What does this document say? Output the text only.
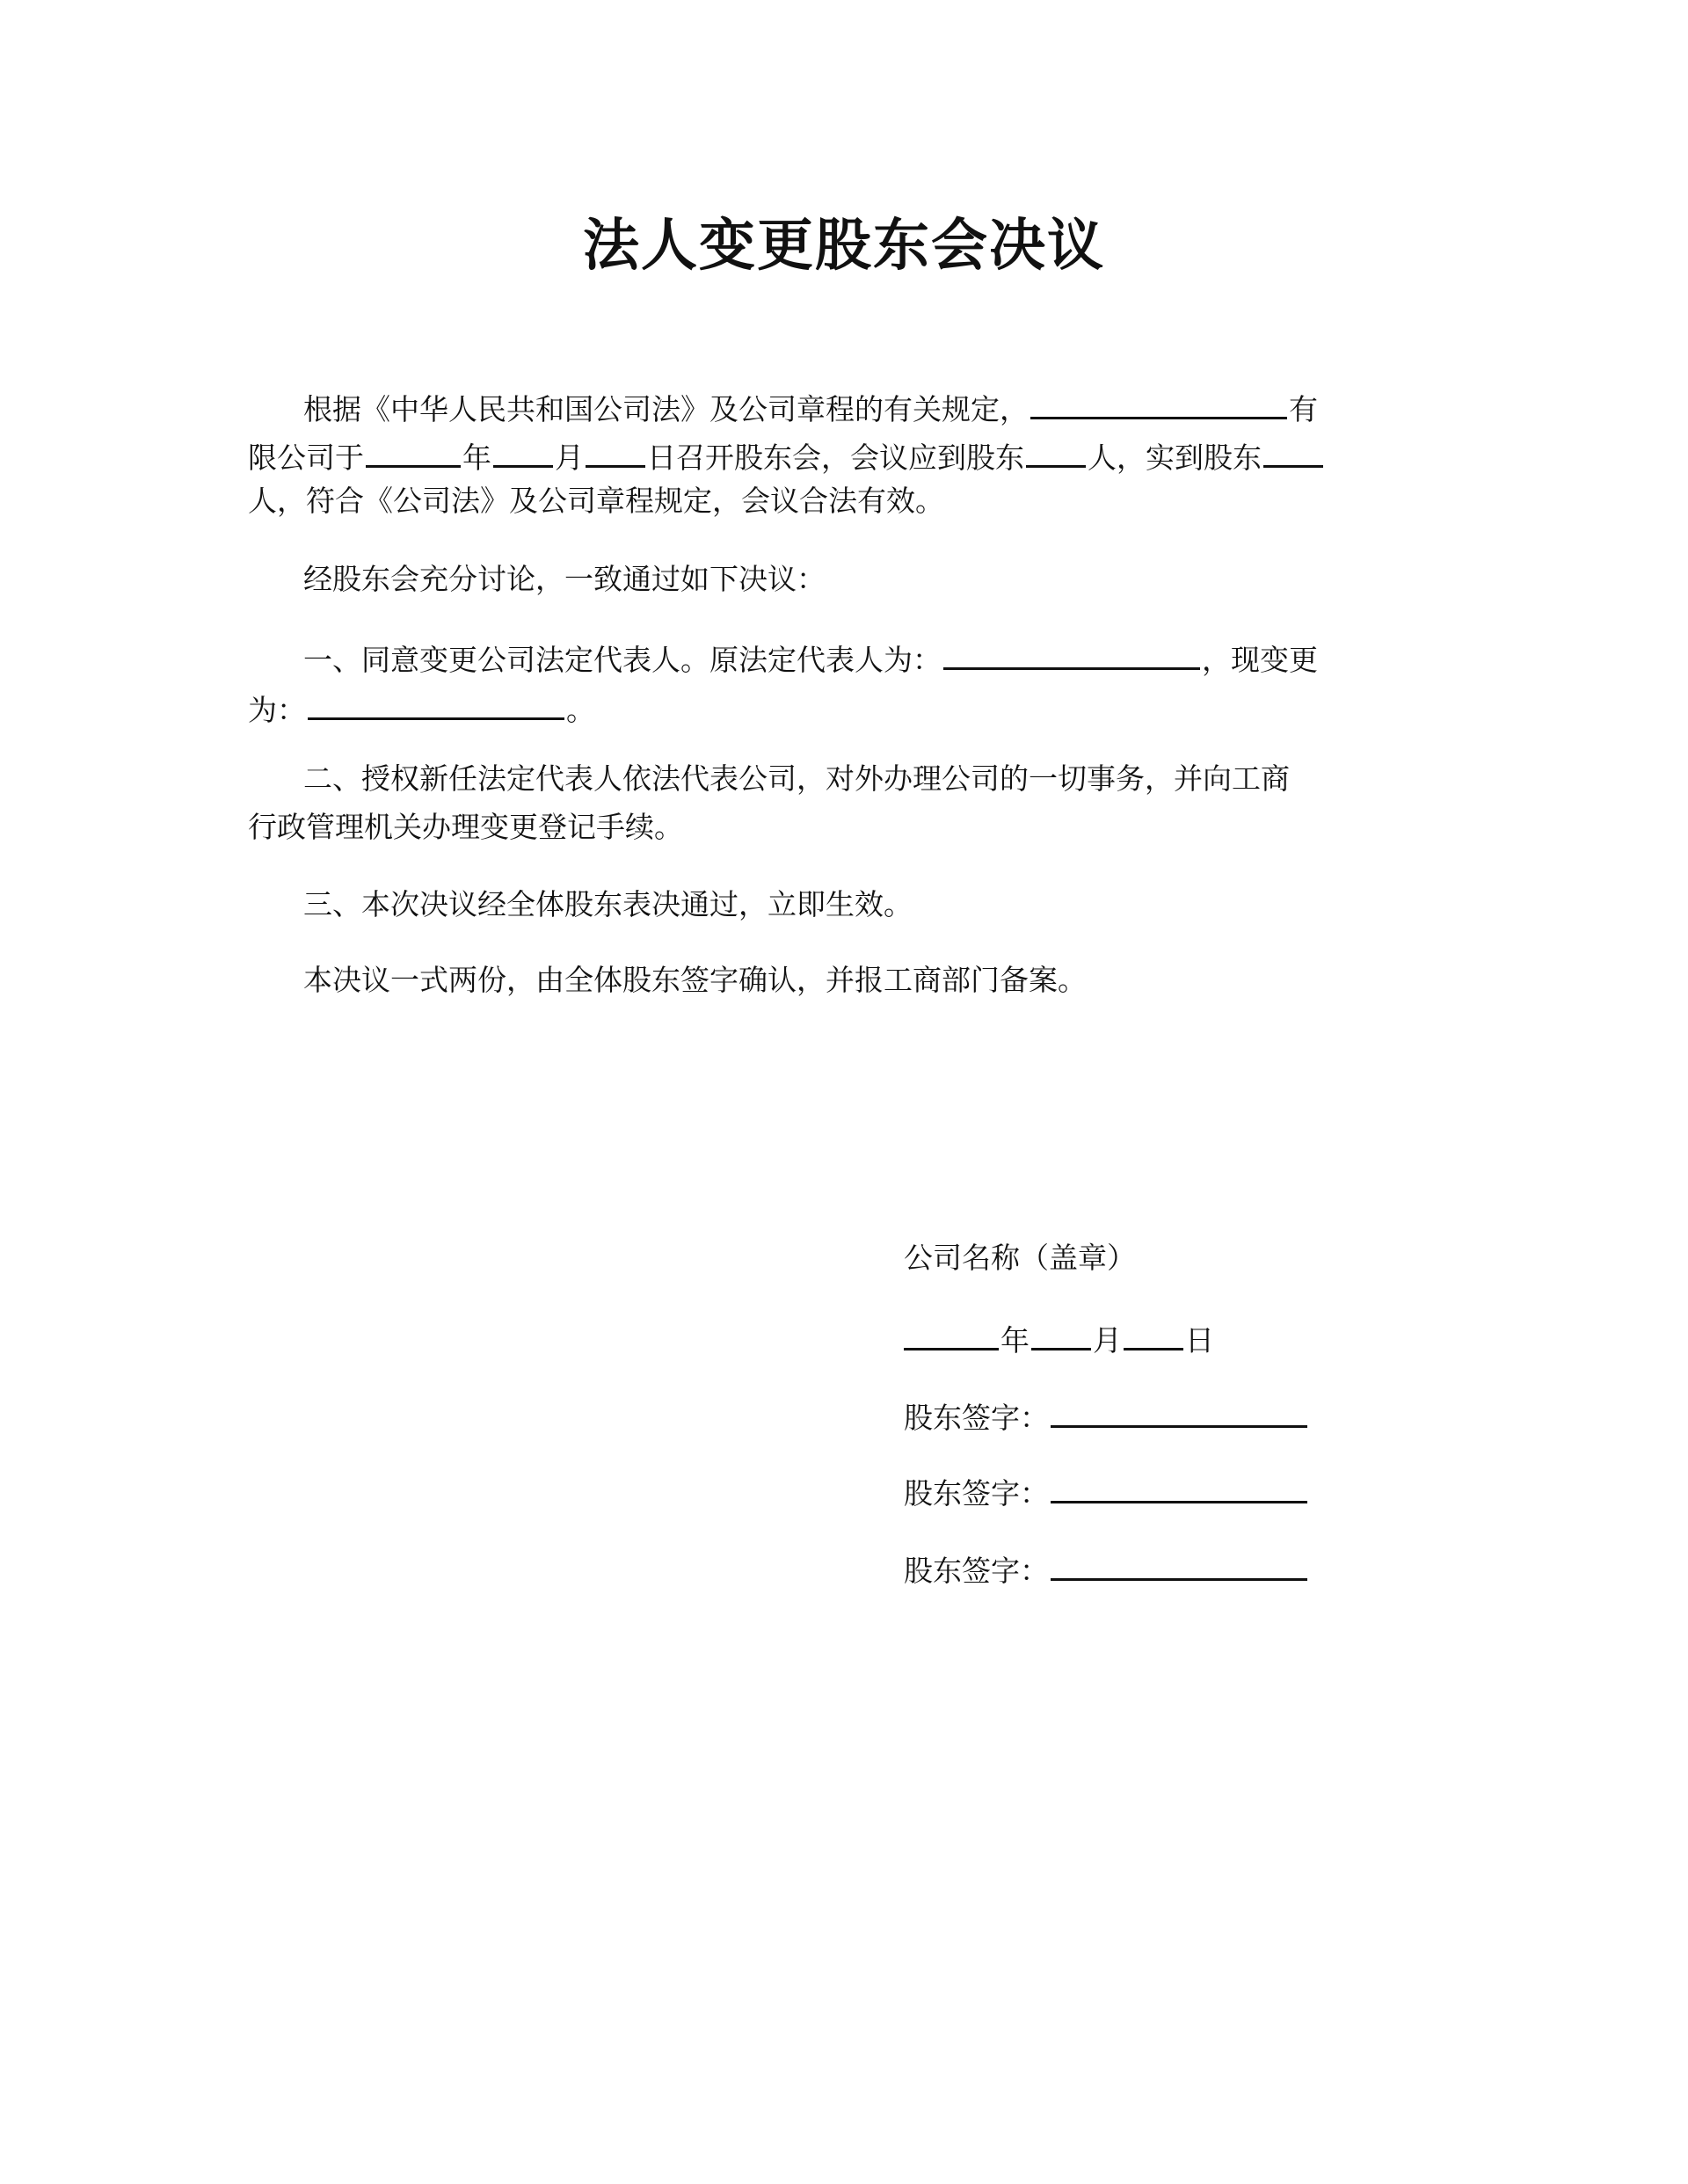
法人变更股东会决议
根据《中华人民共和国公司法》及公司章程的有关规定，	有
限公司于	年 月 日召开股东会，会议应到股东 人，实到股东
人，符合《公司法》及公司章程规定，会议合法有效。
经股东会充分讨论，一致通过如下决议：
一、同意变更公司法定代表人。原法定代表人为：	，现变更
为：	。
二、授权新任法定代表人依法代表公司，对外办理公司的一切事务，并向工商
行政管理机关办理变更登记手续。
三、本次决议经全体股东表决通过，立即生效。
本决议一式两份，由全体股东签字确认，并报工商部门备案。
公司名称（盖章）
年 月 日
股东签字：
股东签字：
股东签字：
